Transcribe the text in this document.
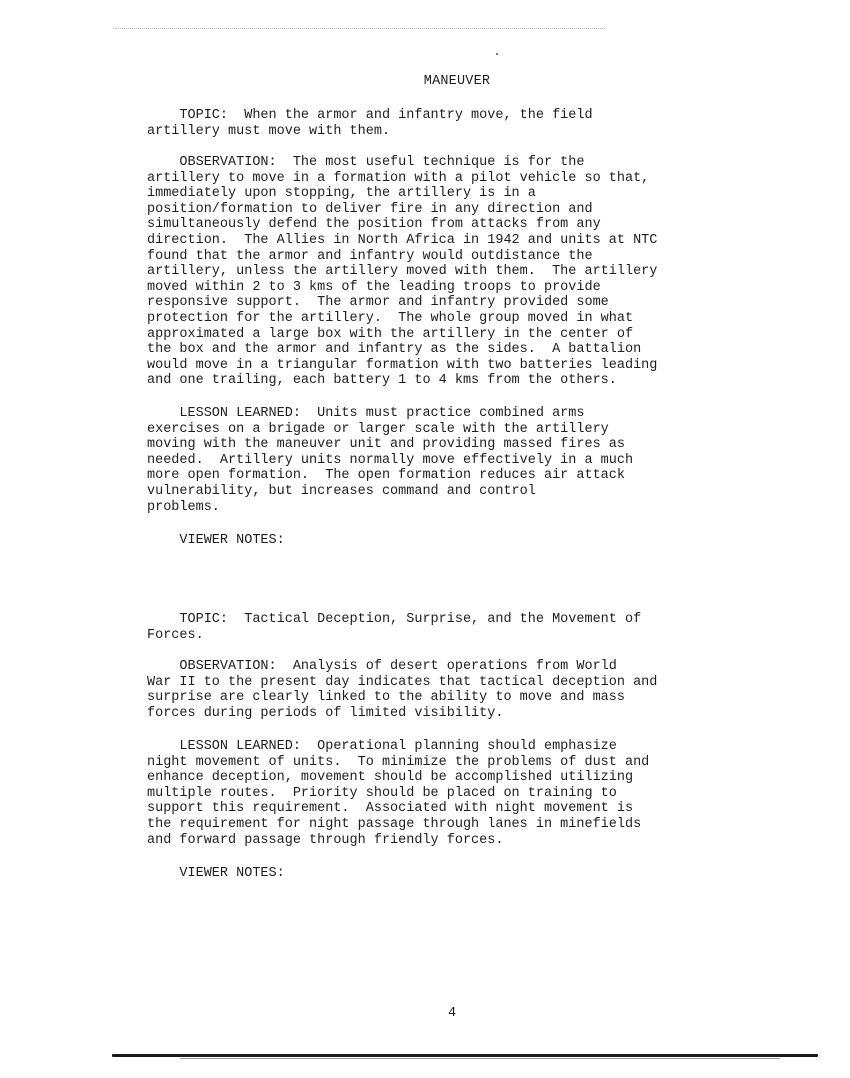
MANEUVER
TOPIC:  When the armor and infantry move, the field
artillery must move with them.
OBSERVATION:  The most useful technique is for the
artillery to move in a formation with a pilot vehicle so that,
immediately upon stopping, the artillery is in a
position/formation to deliver fire in any direction and
simultaneously defend the position from attacks from any
direction.  The Allies in North Africa in 1942 and units at NTC
found that the armor and infantry would outdistance the
artillery, unless the artillery moved with them.  The artillery
moved within 2 to 3 kms of the leading troops to provide
responsive support.  The armor and infantry provided some
protection for the artillery.  The whole group moved in what
approximated a large box with the artillery in the center of
the box and the armor and infantry as the sides.  A battalion
would move in a triangular formation with two batteries leading
and one trailing, each battery 1 to 4 kms from the others.
LESSON LEARNED:  Units must practice combined arms
exercises on a brigade or larger scale with the artillery
moving with the maneuver unit and providing massed fires as
needed.  Artillery units normally move effectively in a much
more open formation.  The open formation reduces air attack
vulnerability, but increases command and control
problems.
VIEWER NOTES:
TOPIC:  Tactical Deception, Surprise, and the Movement of
Forces.
OBSERVATION:  Analysis of desert operations from World
War II to the present day indicates that tactical deception and
surprise are clearly linked to the ability to move and mass
forces during periods of limited visibility.
LESSON LEARNED:  Operational planning should emphasize
night movement of units.  To minimize the problems of dust and
enhance deception, movement should be accomplished utilizing
multiple routes.  Priority should be placed on training to
support this requirement.  Associated with night movement is
the requirement for night passage through lanes in minefields
and forward passage through friendly forces.
VIEWER NOTES:
4
